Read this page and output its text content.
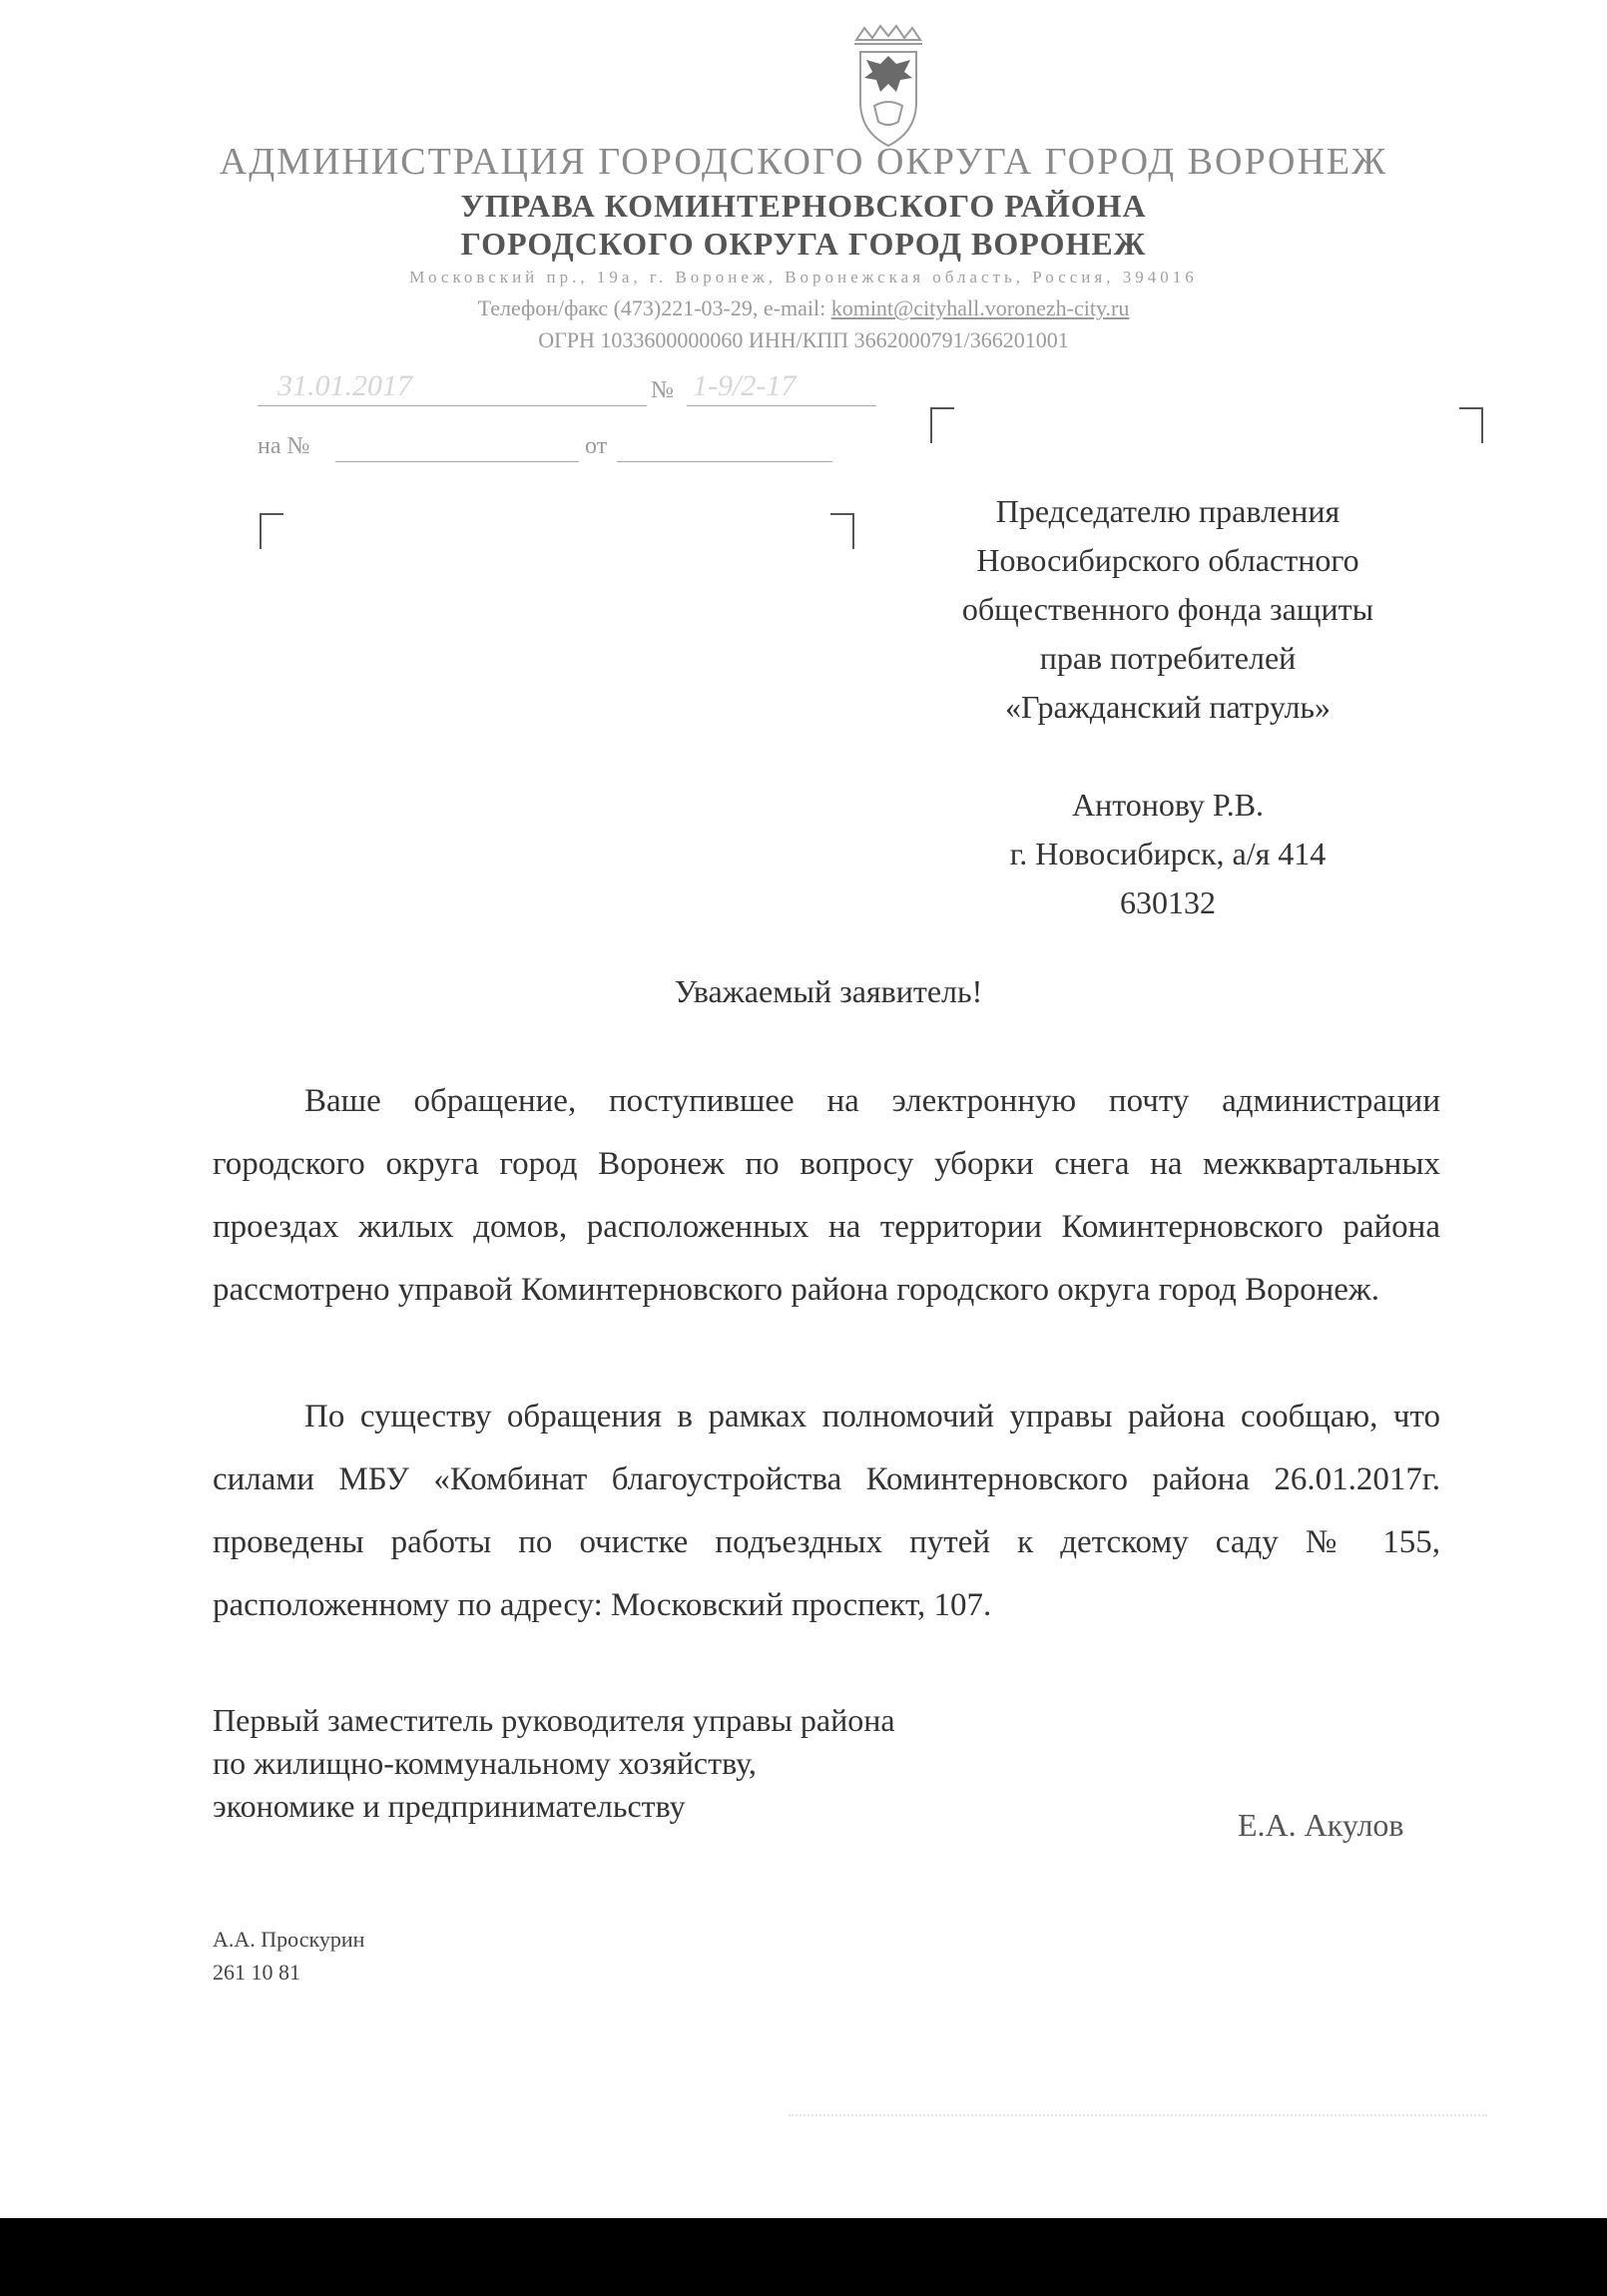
АДМИНИСТРАЦИЯ ГОРОДСКОГО ОКРУГА ГОРОД ВОРОНЕЖ
УПРАВА КОМИНТЕРНОВСКОГО РАЙОНА
ГОРОДСКОГО ОКРУГА ГОРОД ВОРОНЕЖ
Московский пр., 19а, г. Воронеж, Воронежская область, Россия, 394016
Телефон/факс (473)221-03-29, e-mail: komint@cityhall.voronezh-city.ru
ОГРН 1033600000060 ИНН/КПП 3662000791/366201001
31.01.2017	№ 1-9/2-17
на №	от
Председателю правления
Новосибирского областного
общественного фонда защиты
прав потребителей
«Гражданский патруль»
Антонову Р.В.
г. Новосибирск, а/я 414
630132
Уважаемый заявитель!

Ваше обращение, поступившее на электронную почту администрации городского округа город Воронеж по вопросу уборки снега на межквартальных проездах жилых домов, расположенных на территории Коминтерновского района рассмотрено управой Коминтерновского района городского округа город Воронеж.

По существу обращения в рамках полномочий управы района сообщаю, что силами МБУ «Комбинат благоустройства Коминтерновского района 26.01.2017г. проведены работы по очистке подъездных путей к детскому саду № 155, расположенному по адресу: Московский проспект, 107.

Первый заместитель руководителя управы района
по жилищно-коммунальному хозяйству,
экономике и предпринимательству
Е.А. Акулов
А.А. Проскурин
261 10 81
